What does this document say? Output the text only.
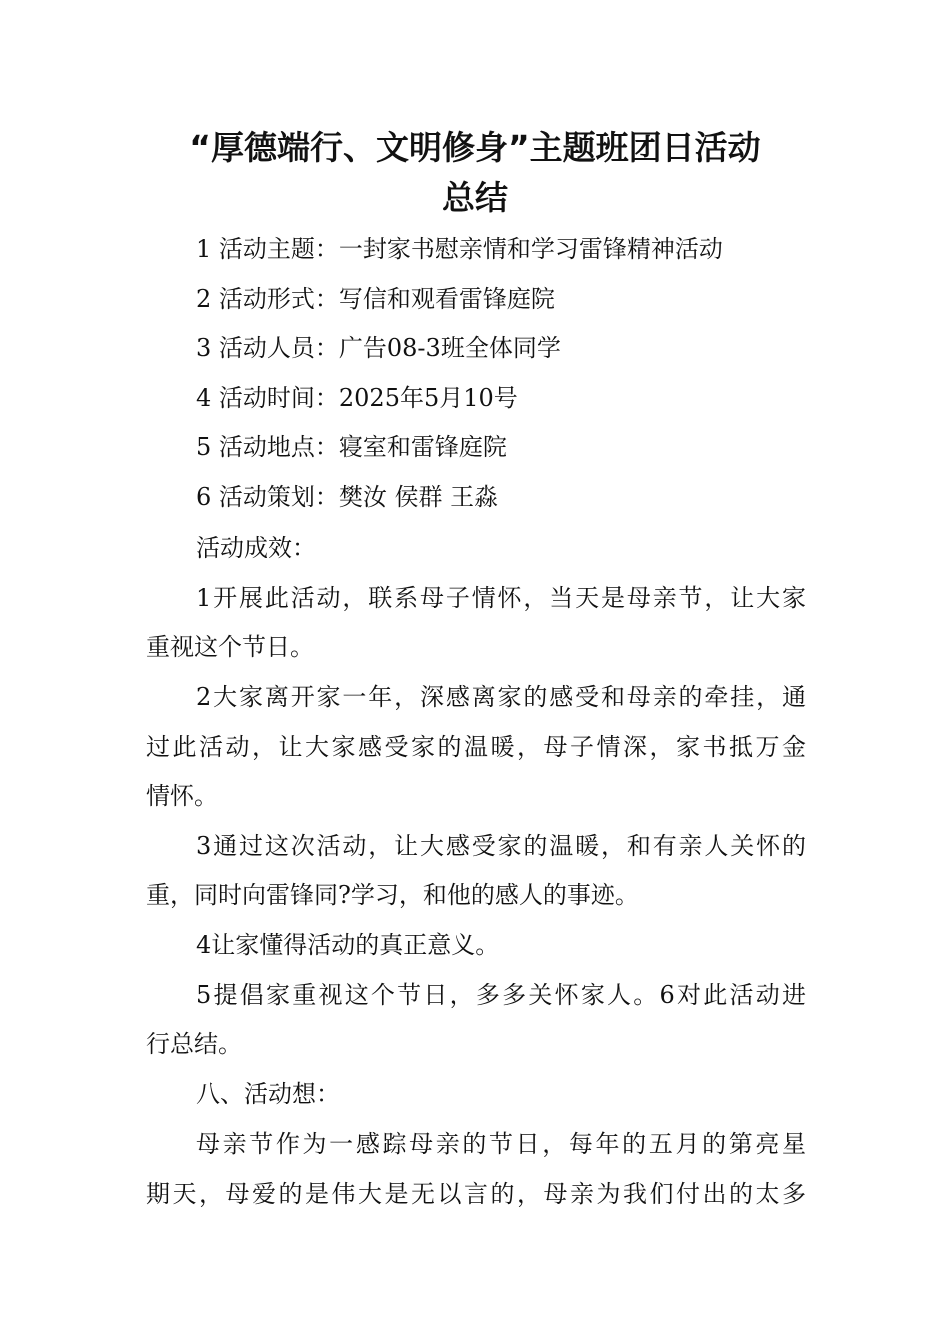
“厚德端行、文明修身”主题班团日活动
总结

1 活动主题：一封家书慰亲情和学习雷锋精神活动

2 活动形式：写信和观看雷锋庭院

3 活动人员：广告08-3班全体同学

4 活动时间：2025年5月10号

5 活动地点：寝室和雷锋庭院

6 活动策划：樊汝 侯群 王淼

活动成效：

1开展此活动，联系母子情怀，当天是母亲节，让大家

重视这个节日。

2大家离开家一年，深感离家的感受和母亲的牵挂，通

过此活动，让大家感受家的温暖，母子情深，家书抵万金

情怀。

3通过这次活动，让大感受家的温暖，和有亲人关怀的

重，同时向雷锋同?学习，和他的感人的事迹。

4让家懂得活动的真正意义。

5提倡家重视这个节日，多多关怀家人。6对此活动进

行总结。

八、活动想：

母亲节作为一感踪母亲的节日，每年的五月的第亮星

期天，母爱的是伟大是无以言的，母亲为我们付出的太多
